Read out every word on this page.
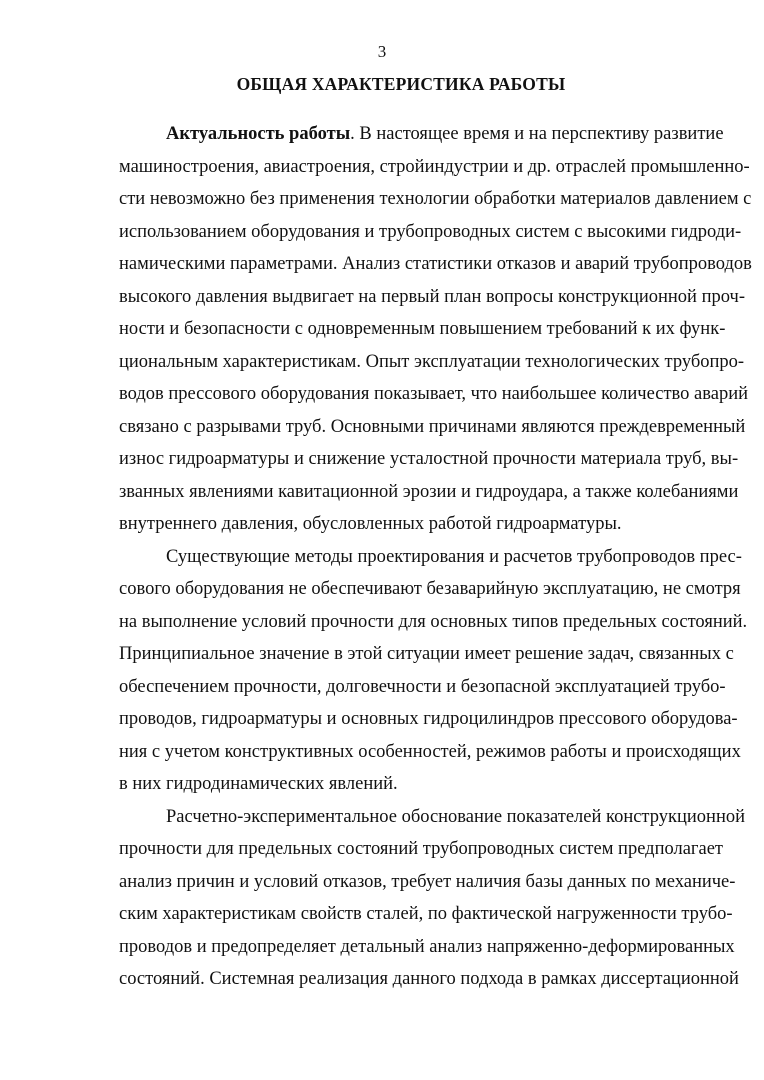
3
ОБЩАЯ ХАРАКТЕРИСТИКА РАБОТЫ

Актуальность работы. В настоящее время и на перспективу развитие
машиностроения, авиастроения, стройиндустрии и др. отраслей промышленно-
сти невозможно без применения технологии обработки материалов давлением с
использованием оборудования и трубопроводных систем с высокими гидроди-
намическими параметрами. Анализ статистики отказов и аварий трубопроводов
высокого давления выдвигает на первый план вопросы конструкционной проч-
ности и безопасности с одновременным повышением требований к их функ-
циональным характеристикам. Опыт эксплуатации технологических трубопро-
водов прессового оборудования показывает, что наибольшее количество аварий
связано с разрывами труб. Основными причинами являются преждевременный
износ гидроарматуры и снижение усталостной прочности материала труб, вы-
званных явлениями кавитационной эрозии и гидроудара, а также колебаниями
внутреннего давления, обусловленных работой гидроарматуры.

Существующие методы проектирования и расчетов трубопроводов прес-
сового оборудования не обеспечивают безаварийную эксплуатацию, не смотря
на выполнение условий прочности для основных типов предельных состояний.
Принципиальное значение в этой ситуации имеет решение задач, связанных с
обеспечением прочности, долговечности и безопасной эксплуатацией трубо-
проводов, гидроарматуры и основных гидроцилиндров прессового оборудова-
ния с учетом конструктивных особенностей, режимов работы и происходящих
в них гидродинамических явлений.

Расчетно-экспериментальное обоснование показателей конструкционной
прочности для предельных состояний трубопроводных систем предполагает
анализ причин и условий отказов, требует наличия базы данных по механиче-
ским характеристикам свойств сталей, по фактической нагруженности трубо-
проводов и предопределяет детальный анализ напряженно-деформированных
состояний. Системная реализация данного подхода в рамках диссертационной
